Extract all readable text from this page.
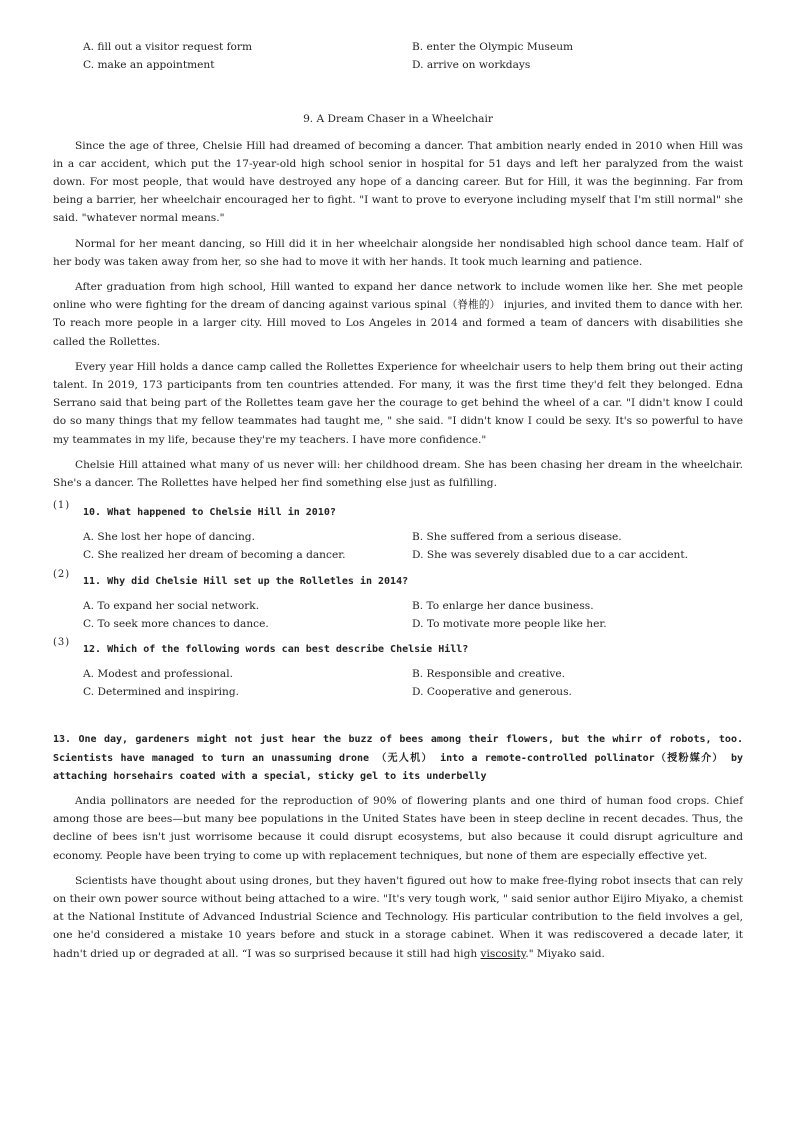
A. fill out a visitor request form	B. enter the Olympic Museum
C. make an appointment	D. arrive on workdays
9. A Dream Chaser in a Wheelchair

Since the age of three, Chelsie Hill had dreamed of becoming a dancer. That ambition nearly ended in 2010 when Hill was in a car accident, which put the 17-year-old high school senior in hospital for 51 days and left her paralyzed from the waist down. For most people, that would have destroyed any hope of a dancing career. But for Hill, it was the beginning. Far from being a barrier, her wheelchair encouraged her to fight. "I want to prove to everyone including myself that I'm still normal" she said. "whatever normal means."

Normal for her meant dancing, so Hill did it in her wheelchair alongside her nondisabled high school dance team. Half of her body was taken away from her, so she had to move it with her hands. It took much learning and patience.

After graduation from high school, Hill wanted to expand her dance network to include women like her. She met people online who were fighting for the dream of dancing against various spinal（脊椎的） injuries, and invited them to dance with her. To reach more people in a larger city. Hill moved to Los Angeles in 2014 and formed a team of dancers with disabilities she called the Rollettes.

Every year Hill holds a dance camp called the Rollettes Experience for wheelchair users to help them bring out their acting talent. In 2019, 173 participants from ten countries attended. For many, it was the first time they'd felt they belonged. Edna Serrano said that being part of the Rollettes team gave her the courage to get behind the wheel of a car. "I didn't know I could do so many things that my fellow teammates had taught me, " she said. "I didn't know I could be sexy. It's so powerful to have my teammates in my life, because they're my teachers. I have more confidence."

Chelsie Hill attained what many of us never will: her childhood dream. She has been chasing her dream in the wheelchair. She's a dancer. The Rollettes have helped her find something else just as fulfilling.

(1)
10. What happened to Chelsie Hill in 2010?
A. She lost her hope of dancing.	B. She suffered from a serious disease.
C. She realized her dream of becoming a dancer.	D. She was severely disabled due to a car accident.
(2)
11. Why did Chelsie Hill set up the Rolletles in 2014?
A. To expand her social network.	B. To enlarge her dance business.
C. To seek more chances to dance.	D. To motivate more people like her.
(3)
12. Which of the following words can best describe Chelsie Hill?
A. Modest and professional.	B. Responsible and creative.
C. Determined and inspiring.	D. Cooperative and generous.
13. One day, gardeners might not just hear the buzz of bees among their flowers, but the whirr of robots, too. Scientists have managed to turn an unassuming drone （无人机） into a remote-controlled pollinator（授粉媒介） by attaching horsehairs coated with a special, sticky gel to its underbelly

Andia pollinators are needed for the reproduction of 90% of flowering plants and one third of human food crops. Chief among those are bees—but many bee populations in the United States have been in steep decline in recent decades. Thus, the decline of bees isn't just worrisome because it could disrupt ecosystems, but also because it could disrupt agriculture and economy. People have been trying to come up with replacement techniques, but none of them are especially effective yet.

Scientists have thought about using drones, but they haven't figured out how to make free-flying robot insects that can rely on their own power source without being attached to a wire. "It's very tough work, " said senior author Eijiro Miyako, a chemist at the National Institute of Advanced Industrial Science and Technology. His particular contribution to the field involves a gel, one he'd considered a mistake 10 years before and stuck in a storage cabinet. When it was rediscovered a decade later, it hadn't dried up or degraded at all. “I was so surprised because it still had high viscosity." Miyako said.
